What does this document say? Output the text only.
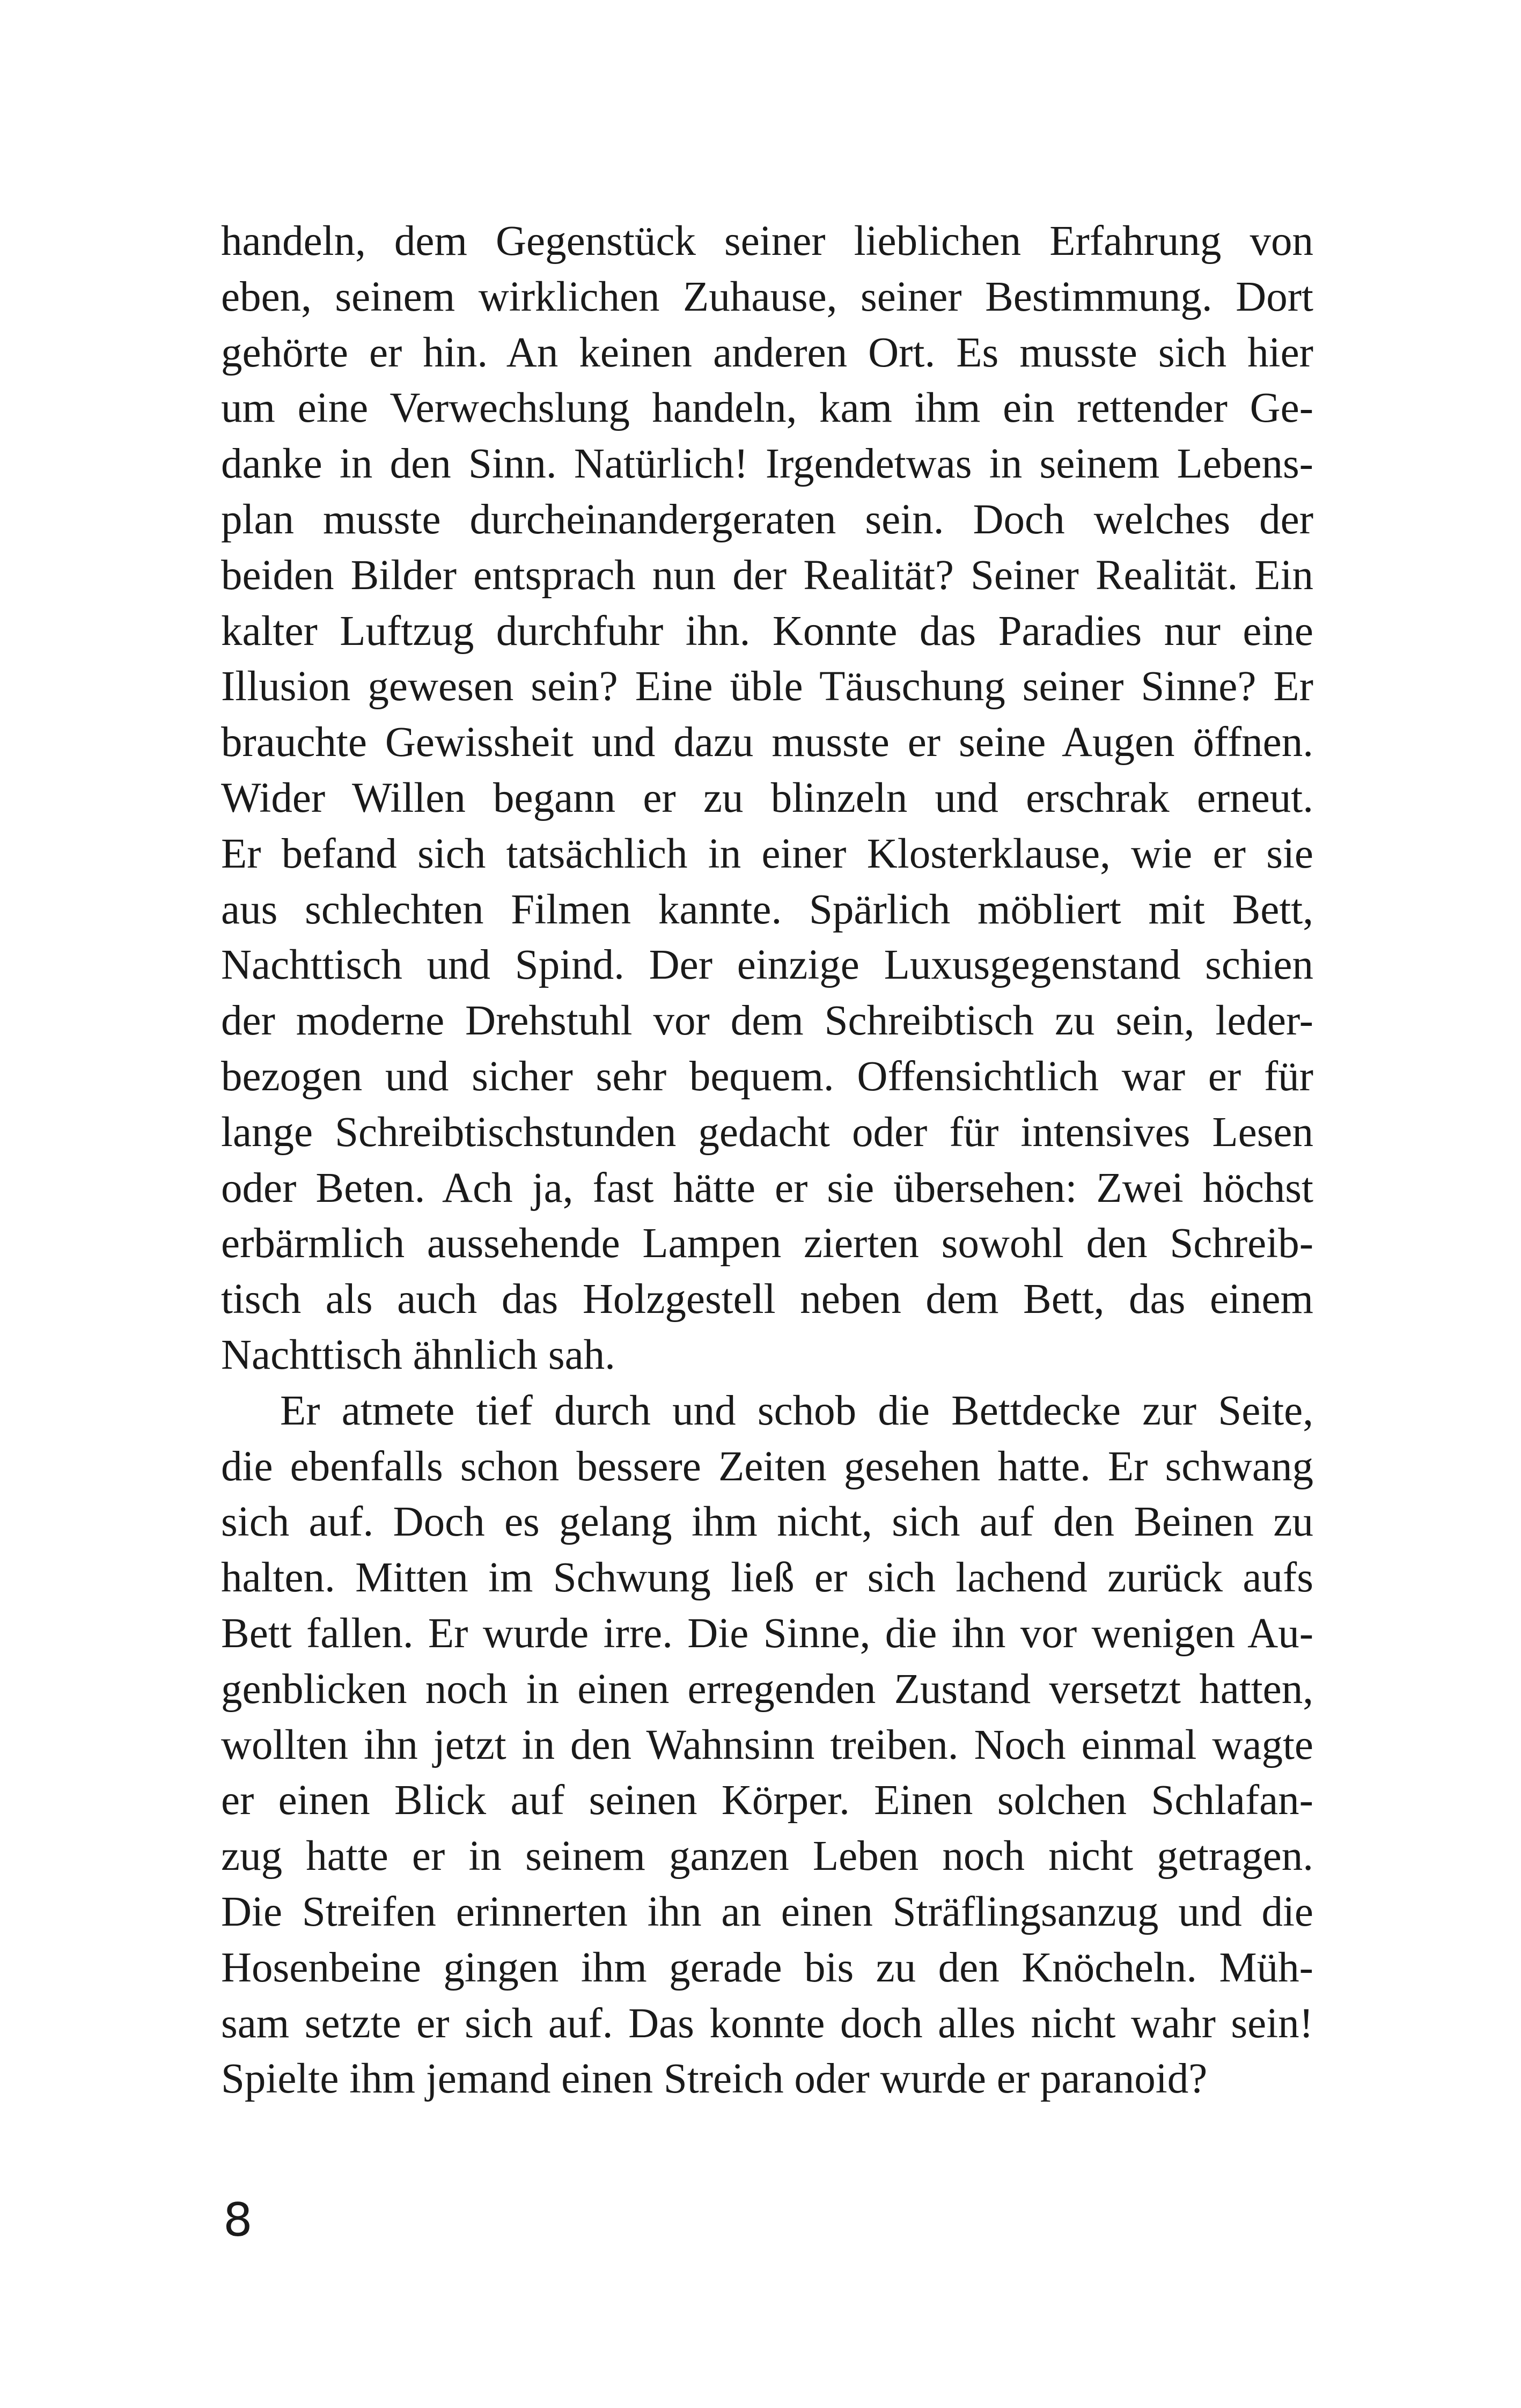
handeln, dem Gegenstück seiner lieblichen Erfahrung von
eben, seinem wirklichen Zuhause, seiner Bestimmung. Dort
gehörte er hin. An keinen anderen Ort. Es musste sich hier
um eine Verwechslung handeln, kam ihm ein rettender Ge-
danke in den Sinn. Natürlich! Irgendetwas in seinem Lebens-
plan musste durcheinandergeraten sein. Doch welches der
beiden Bilder entsprach nun der Realität? Seiner Realität. Ein
kalter Luftzug durchfuhr ihn. Konnte das Paradies nur eine
Illusion gewesen sein? Eine üble Täuschung seiner Sinne? Er
brauchte Gewissheit und dazu musste er seine Augen öffnen.
Wider Willen begann er zu blinzeln und erschrak erneut.
Er befand sich tatsächlich in einer Klosterklause, wie er sie
aus schlechten Filmen kannte. Spärlich möbliert mit Bett,
Nachttisch und Spind. Der einzige Luxusgegenstand schien
der moderne Drehstuhl vor dem Schreibtisch zu sein, leder-
bezogen und sicher sehr bequem. Offensichtlich war er für
lange Schreibtischstunden gedacht oder für intensives Lesen
oder Beten. Ach ja, fast hätte er sie übersehen: Zwei höchst
erbärmlich aussehende Lampen zierten sowohl den Schreib-
tisch als auch das Holzgestell neben dem Bett, das einem
Nachttisch ähnlich sah.
Er atmete tief durch und schob die Bettdecke zur Seite,
die ebenfalls schon bessere Zeiten gesehen hatte. Er schwang
sich auf. Doch es gelang ihm nicht, sich auf den Beinen zu
halten. Mitten im Schwung ließ er sich lachend zurück aufs
Bett fallen. Er wurde irre. Die Sinne, die ihn vor wenigen Au-
genblicken noch in einen erregenden Zustand versetzt hatten,
wollten ihn jetzt in den Wahnsinn treiben. Noch einmal wagte
er einen Blick auf seinen Körper. Einen solchen Schlafan-
zug hatte er in seinem ganzen Leben noch nicht getragen.
Die Streifen erinnerten ihn an einen Sträflingsanzug und die
Hosenbeine gingen ihm gerade bis zu den Knöcheln. Müh-
sam setzte er sich auf. Das konnte doch alles nicht wahr sein!
Spielte ihm jemand einen Streich oder wurde er paranoid?
8
